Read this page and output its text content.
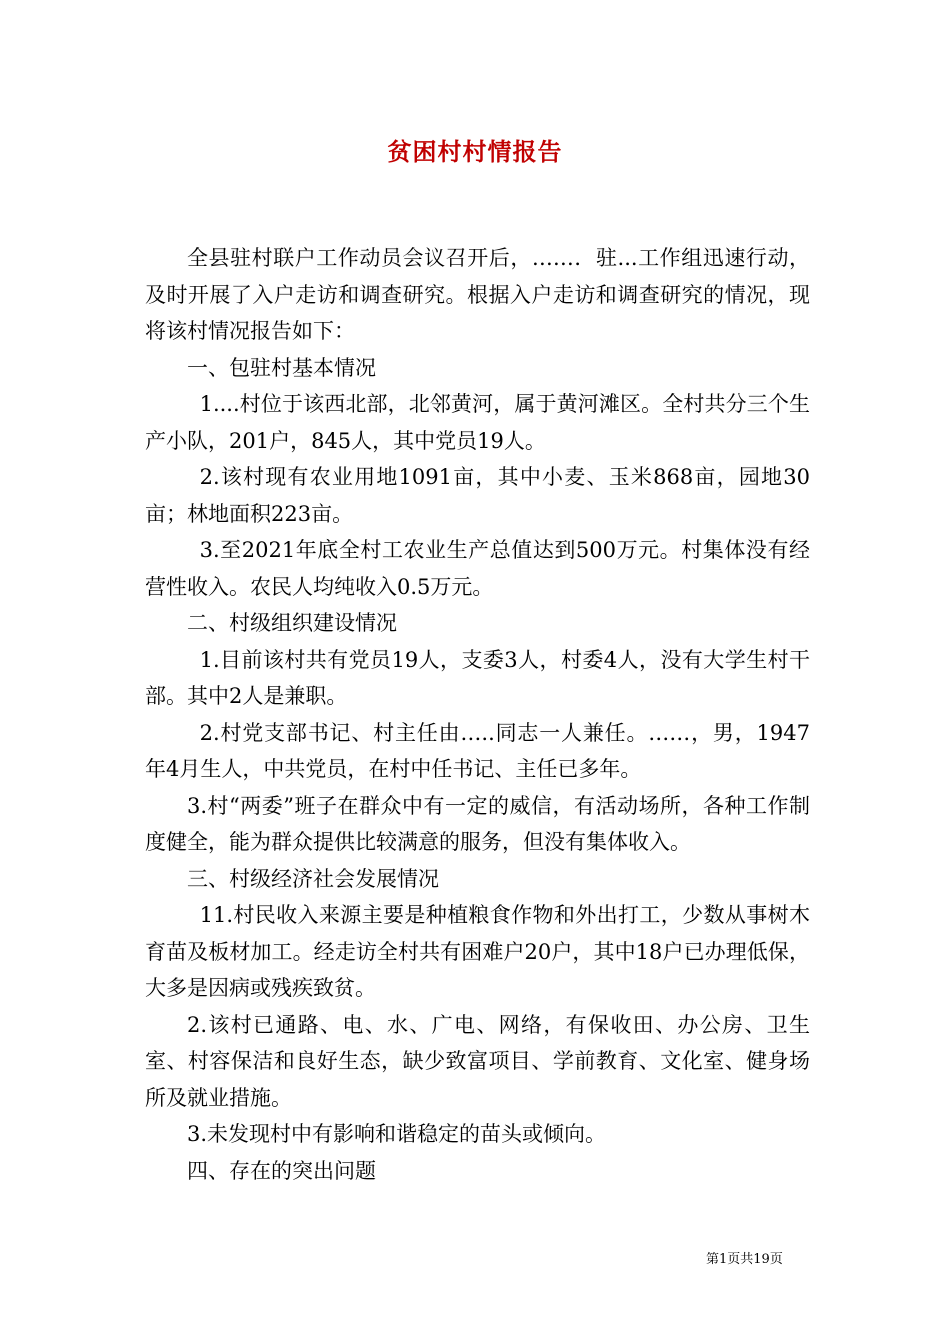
贫困村村情报告

全县驻村联户工作动员会议召开后，……．驻...工作组迅速行动，及时开展了入户走访和调查研究。根据入户走访和调查研究的情况，现将该村情况报告如下：

一、包驻村基本情况

1....村位于该西北部，北邻黄河，属于黄河滩区。全村共分三个生产小队，201户，845人，其中党员19人。

2.该村现有农业用地1091亩，其中小麦、玉米868亩，园地30亩；林地面积223亩。

3.至2021年底全村工农业生产总值达到500万元。村集体没有经营性收入。农民人均纯收入0.5万元。

二、村级组织建设情况

1.目前该村共有党员19人，支委3人，村委4人，没有大学生村干部。其中2人是兼职。

2.村党支部书记、村主任由…..同志一人兼任。……，男，1947年4月生人，中共党员，在村中任书记、主任已多年。

3.村“两委”班子在群众中有一定的威信，有活动场所，各种工作制度健全，能为群众提供比较满意的服务，但没有集体收入。

三、村级经济社会发展情况

11.村民收入来源主要是种植粮食作物和外出打工，少数从事树木育苗及板材加工。经走访全村共有困难户20户，其中18户已办理低保，大多是因病或残疾致贫。

2.该村已通路、电、水、广电、网络，有保收田、办公房、卫生室、村容保洁和良好生态，缺少致富项目、学前教育、文化室、健身场所及就业措施。

3.未发现村中有影响和谐稳定的苗头或倾向。

四、存在的突出问题

第1页共19页
